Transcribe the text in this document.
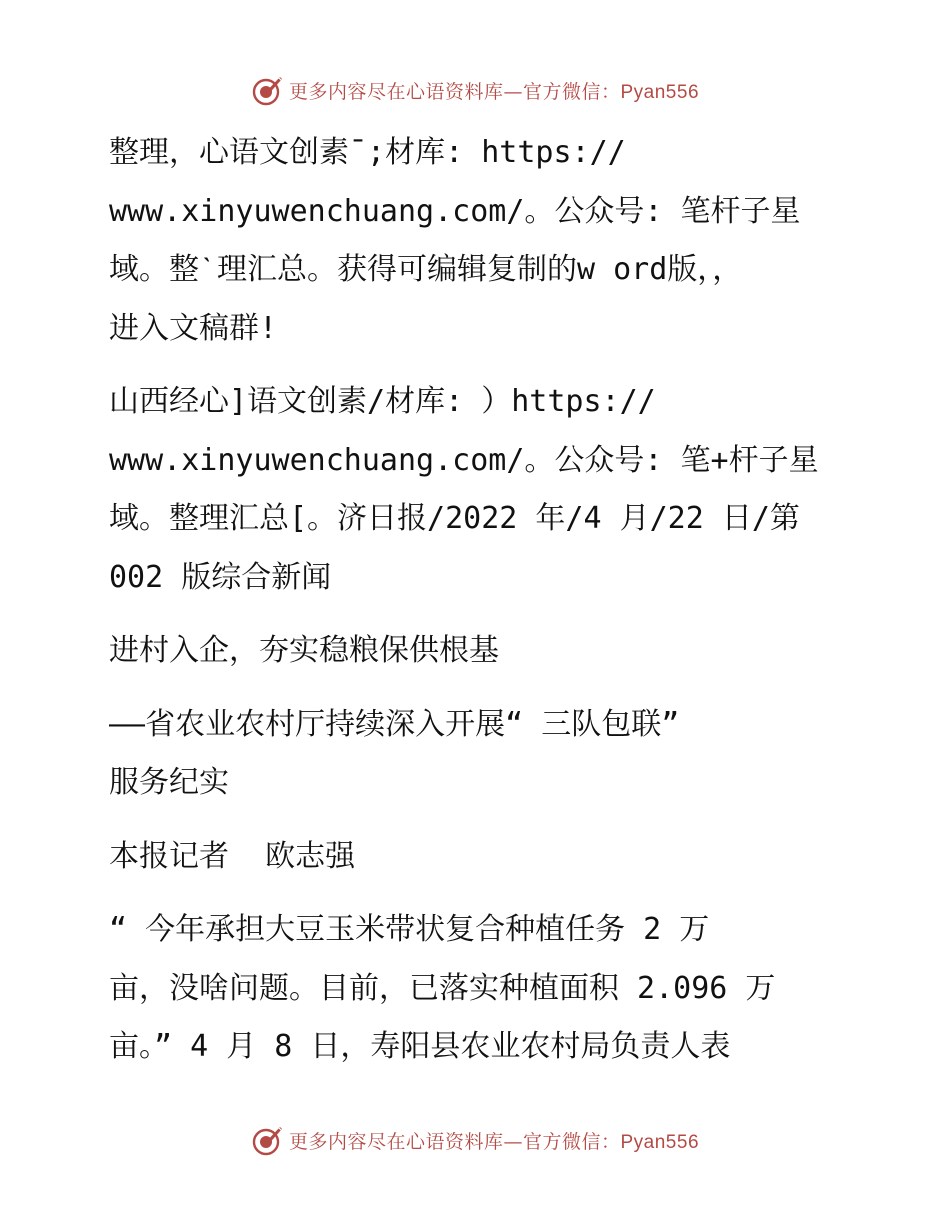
更多内容尽在心语资料库—官方微信：Pyan556

整理，心语文创素¯;材库: https://
www.xinyuwenchuang.com/。公众号: 笔杆子星
域。整ˋ理汇总。获得可编辑复制的w ord版，，
进入文稿群!

山西经心]语文创素/材库: ）https://
www.xinyuwenchuang.com/。公众号: 笔+杆子星
域。整理汇总[。济日报/2022 年/4 月/22 日/第
002 版综合新闻

进村入企，夯实稳粮保供根基

——省农业农村厅持续深入开展“ 三队包联”
服务纪实

本报记者  欧志强

“ 今年承担大豆玉米带状复合种植任务 2 万
亩，没啥问题。目前，已落实种植面积 2.096 万
亩。” 4 月 8 日，寿阳县农业农村局负责人表

更多内容尽在心语资料库—官方微信：Pyan556
